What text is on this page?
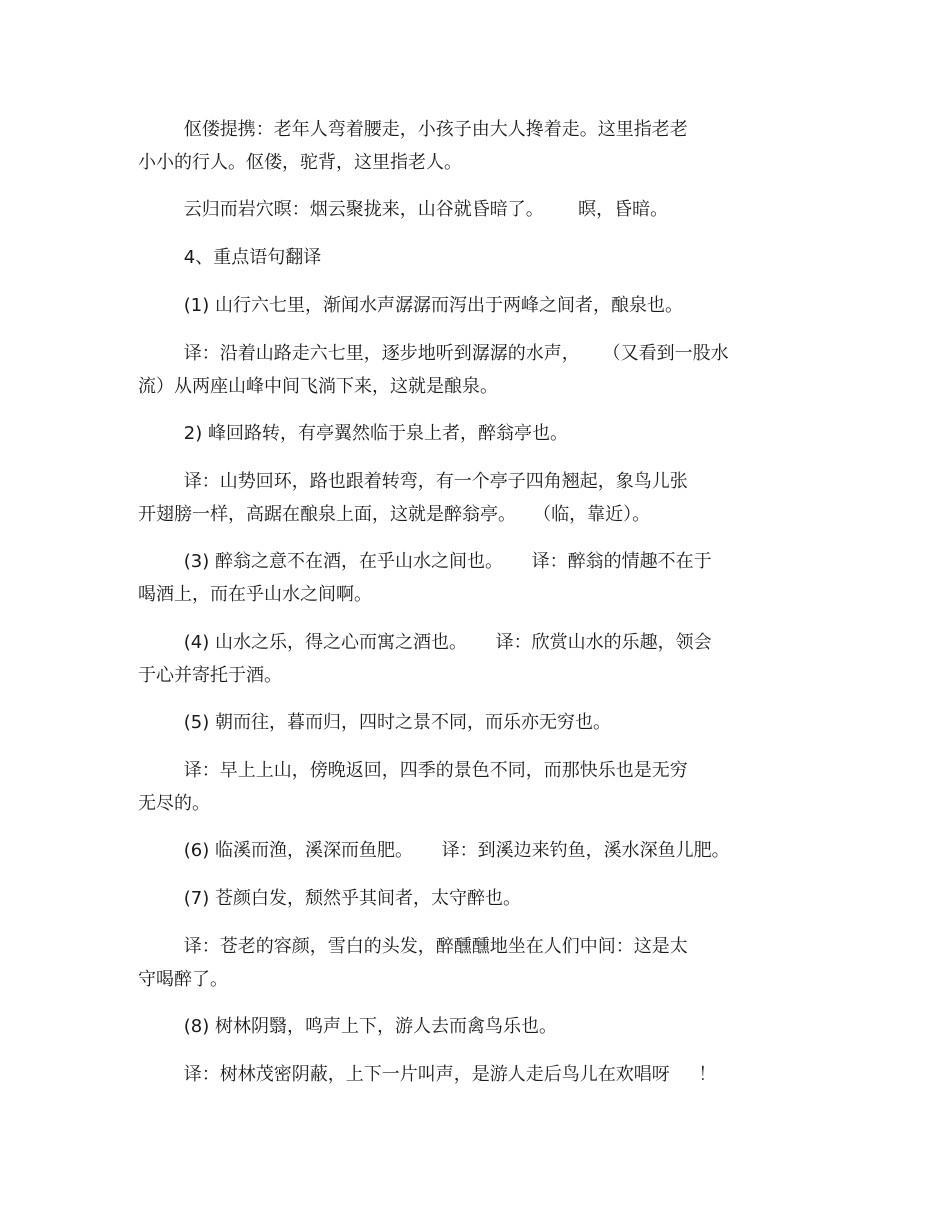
伛偻提携：老年人弯着腰走，小孩子由大人搀着走。这里指老老
小小的行人。伛偻，驼背，这里指老人。
云归而岩穴暝：烟云聚拢来，山谷就昏暗了。      暝，昏暗。
4、重点语句翻译
(1) 山行六七里，渐闻水声潺潺而泻出于两峰之间者，酿泉也。
译：沿着山路走六七里，逐步地听到潺潺的水声，    （又看到一股水
流）从两座山峰中间飞淌下来，这就是酿泉。
2) 峰回路转，有亭翼然临于泉上者，醉翁亭也。
译：山势回环，路也跟着转弯，有一个亭子四角翘起，象鸟儿张
开翅膀一样，高踞在酿泉上面，这就是醉翁亭。   （临，靠近）。
(3) 醉翁之意不在酒，在乎山水之间也。     译：醉翁的情趣不在于
喝酒上，而在乎山水之间啊。
(4) 山水之乐，得之心而寓之酒也。     译：欣赏山水的乐趣，领会
于心并寄托于酒。
(5) 朝而往，暮而归，四时之景不同，而乐亦无穷也。
译：早上上山，傍晚返回，四季的景色不同，而那快乐也是无穷
无尽的。
(6) 临溪而渔，溪深而鱼肥。     译：到溪边来钓鱼，溪水深鱼儿肥。
(7) 苍颜白发，颓然乎其间者，太守醉也。
译：苍老的容颜，雪白的头发，醉醺醺地坐在人们中间：这是太
守喝醉了。
(8) 树林阴翳，鸣声上下，游人去而禽鸟乐也。
译：树林茂密阴蔽，上下一片叫声，是游人走后鸟儿在欢唱呀     ！
